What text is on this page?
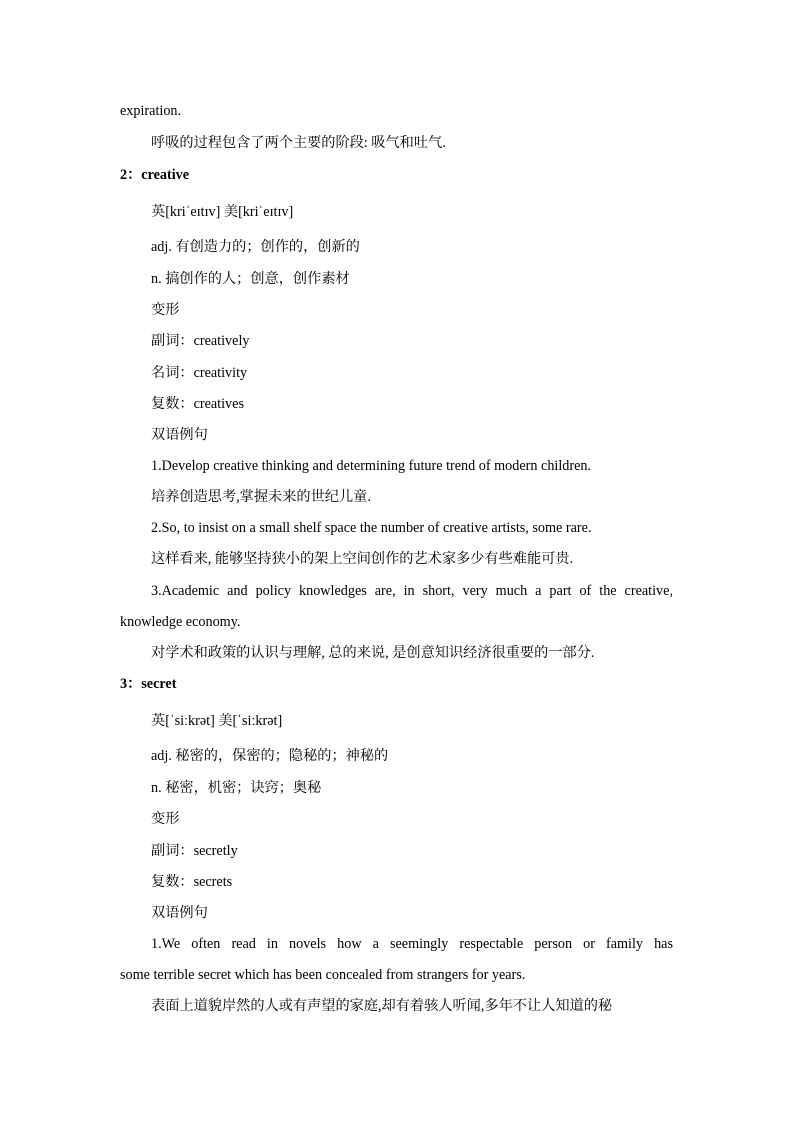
expiration.
呼吸的过程包含了两个主要的阶段: 吸气和吐气.
2：creative
英[kriˈeɪtɪv] 美[kriˈeɪtɪv]
adj. 有创造力的；创作的，创新的
n. 搞创作的人；创意，创作素材
变形
副词：creatively
名词：creativity
复数：creatives
双语例句
1.Develop creative thinking and determining future trend of modern children.
培养创造思考,掌握未来的世纪儿童.
2.So, to insist on a small shelf space the number of creative artists, some rare.
这样看来, 能够坚持狭小的架上空间创作的艺术家多少有些难能可贵.
3.Academic and policy knowledges are, in short, very much a part of the creative,
knowledge economy.
对学术和政策的认识与理解, 总的来说, 是创意知识经济很重要的一部分.
3：secret
英[ˈsiːkrət] 美[ˈsiːkrət]
adj. 秘密的，保密的；隐秘的；神秘的
n. 秘密，机密；诀窍；奥秘
变形
副词：secretly
复数：secrets
双语例句
1.We often read in novels how a seemingly respectable person or family has
some terrible secret which has been concealed from strangers for years.
表面上道貌岸然的人或有声望的家庭,却有着骇人听闻,多年不让人知道的秘
